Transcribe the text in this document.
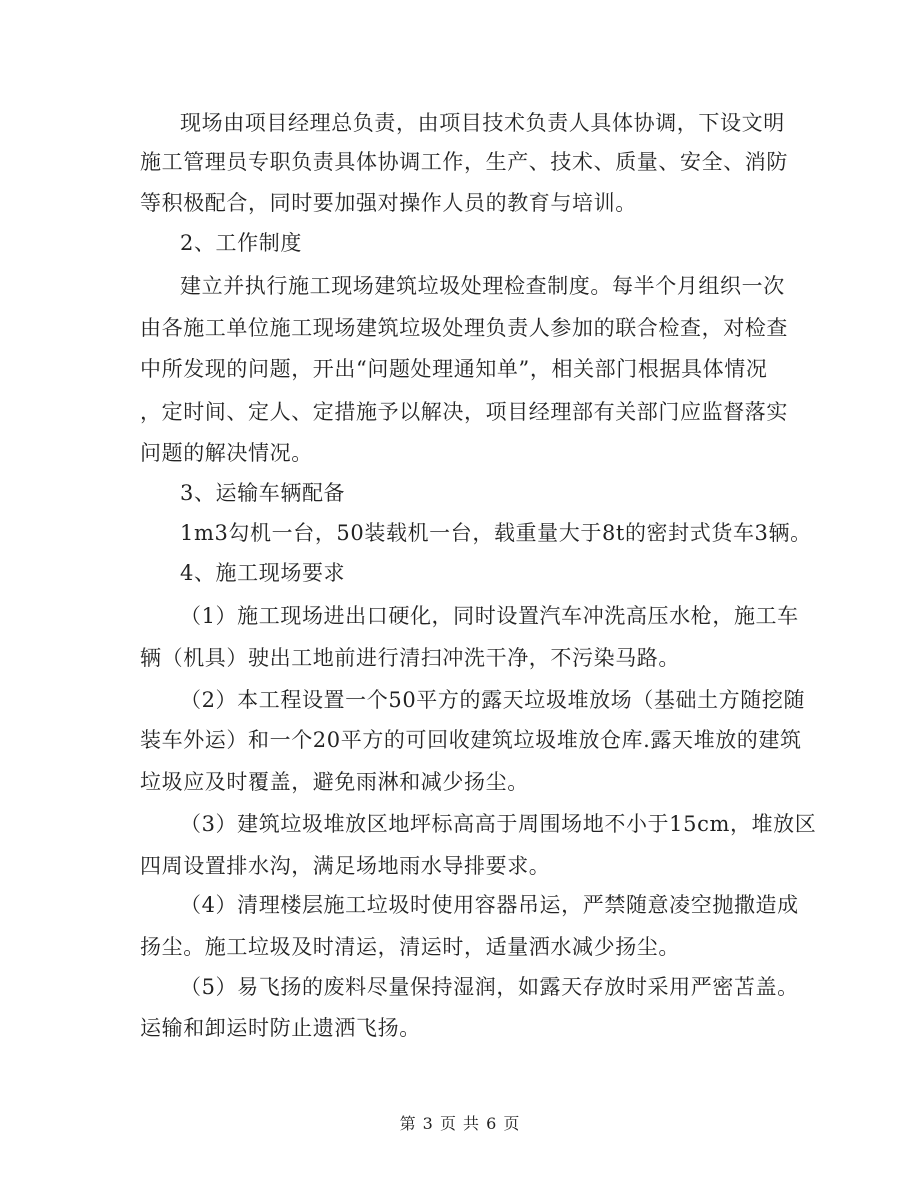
现场由项目经理总负责，由项目技术负责人具体协调，下设文明
施工管理员专职负责具体协调工作，生产、技术、质量、安全、消防
等积极配合，同时要加强对操作人员的教育与培训。
2、工作制度
建立并执行施工现场建筑垃圾处理检查制度。每半个月组织一次
由各施工单位施工现场建筑垃圾处理负责人参加的联合检查，对检查
中所发现的问题，开出“问题处理通知单”，相关部门根据具体情况
，定时间、定人、定措施予以解决，项目经理部有关部门应监督落实
问题的解决情况。
3、运输车辆配备
1m3勾机一台，50装载机一台，载重量大于8t的密封式货车3辆。
4、施工现场要求
（1）施工现场进出口硬化，同时设置汽车冲洗高压水枪，施工车
辆（机具）驶出工地前进行清扫冲洗干净，不污染马路。
（2）本工程设置一个50平方的露天垃圾堆放场（基础土方随挖随
装车外运）和一个20平方的可回收建筑垃圾堆放仓库.露天堆放的建筑
垃圾应及时覆盖，避免雨淋和减少扬尘。
（3）建筑垃圾堆放区地坪标高高于周围场地不小于15cm，堆放区
四周设置排水沟，满足场地雨水导排要求。
（4）清理楼层施工垃圾时使用容器吊运，严禁随意凌空抛撒造成
扬尘。施工垃圾及时清运，清运时，适量洒水减少扬尘。
（5）易飞扬的废料尽量保持湿润，如露天存放时采用严密苫盖。
运输和卸运时防止遗洒飞扬。
第 3 页 共 6 页
